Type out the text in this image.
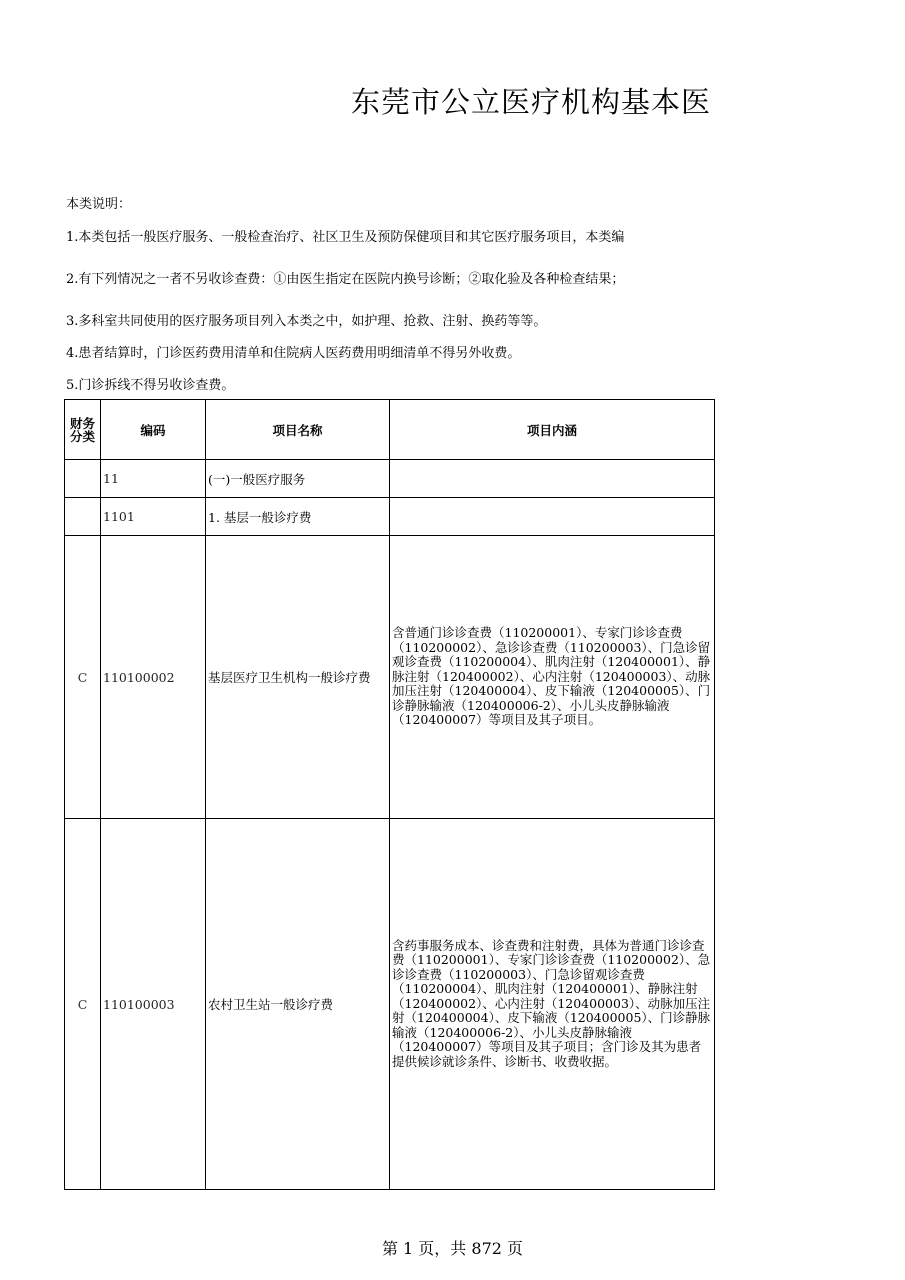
东莞市公立医疗机构基本医
本类说明：
1.本类包括一般医疗服务、一般检查治疗、社区卫生及预防保健项目和其它医疗服务项目，本类编
2.有下列情况之一者不另收诊查费：①由医生指定在医院内换号诊断；②取化验及各种检查结果；
3.多科室共同使用的医疗服务项目列入本类之中，如护理、抢救、注射、换药等等。
4.患者结算时，门诊医药费用清单和住院病人医药费用明细清单不得另外收费。
5.门诊拆线不得另收诊查费。
财务
分类	编码	项目名称	项目内涵
	11	(一)一般医疗服务	
	1101	1. 基层一般诊疗费	
C	110100002	基层医疗卫生机构一般诊疗费	含普通门诊诊查费（110200001）、专家门诊诊查费（110200002）、急诊诊查费（110200003）、门急诊留观诊查费（110200004）、肌肉注射（120400001）、静脉注射（120400002）、心内注射（120400003）、动脉加压注射（120400004）、皮下输液（120400005）、门诊静脉输液（120400006-2）、小儿头皮静脉输液（120400007）等项目及其子项目。
C	110100003	农村卫生站一般诊疗费	含药事服务成本、诊查费和注射费，具体为普通门诊诊查费（110200001）、专家门诊诊查费（110200002）、急诊诊查费（110200003）、门急诊留观诊查费（110200004）、肌肉注射（120400001）、静脉注射（120400002）、心内注射（120400003）、动脉加压注射（120400004）、皮下输液（120400005）、门诊静脉输液（120400006-2）、小儿头皮静脉输液（120400007）等项目及其子项目；含门诊及其为患者提供候诊就诊条件、诊断书、收费收据。
第 1 页，共 872 页
